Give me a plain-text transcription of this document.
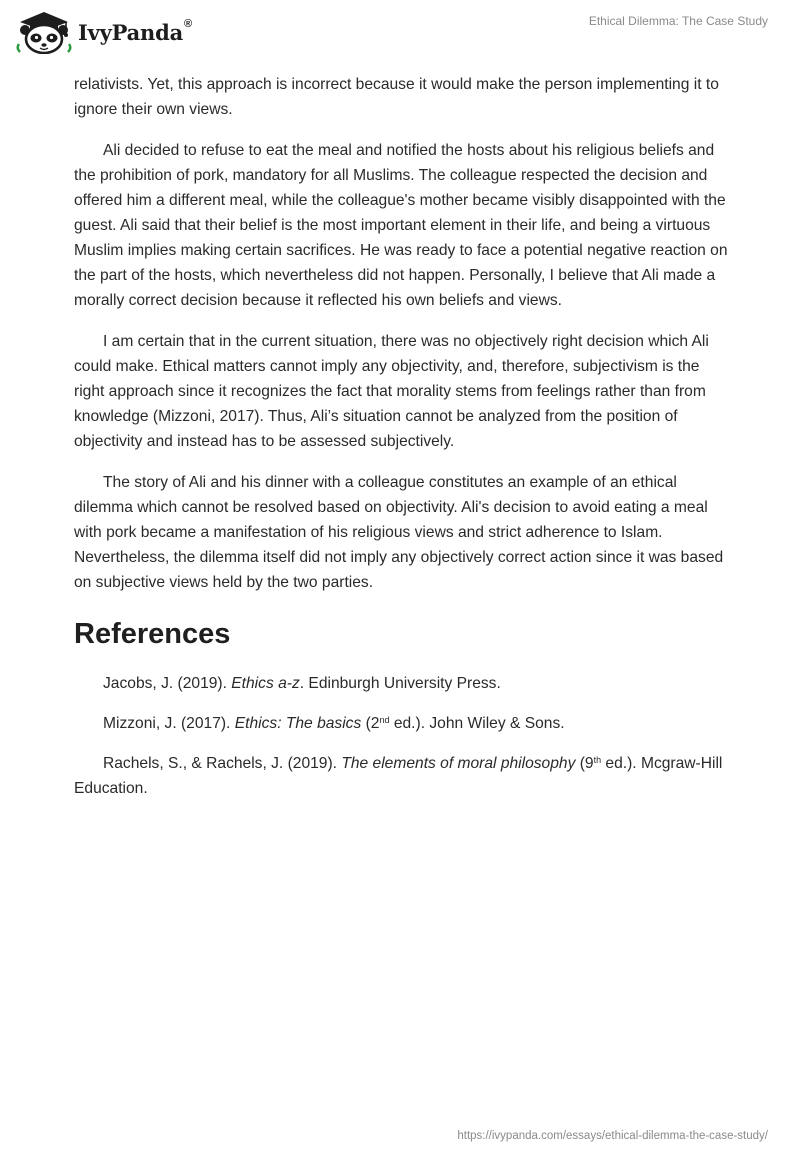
IvyPanda®	Ethical Dilemma: The Case Study

relativists. Yet, this approach is incorrect because it would make the person implementing it to ignore their own views.

Ali decided to refuse to eat the meal and notified the hosts about his religious beliefs and the prohibition of pork, mandatory for all Muslims. The colleague respected the decision and offered him a different meal, while the colleague's mother became visibly disappointed with the guest. Ali said that their belief is the most important element in their life, and being a virtuous Muslim implies making certain sacrifices. He was ready to face a potential negative reaction on the part of the hosts, which nevertheless did not happen. Personally, I believe that Ali made a morally correct decision because it reflected his own beliefs and views.

I am certain that in the current situation, there was no objectively right decision which Ali could make. Ethical matters cannot imply any objectivity, and, therefore, subjectivism is the right approach since it recognizes the fact that morality stems from feelings rather than from knowledge (Mizzoni, 2017). Thus, Ali’s situation cannot be analyzed from the position of objectivity and instead has to be assessed subjectively.

The story of Ali and his dinner with a colleague constitutes an example of an ethical dilemma which cannot be resolved based on objectivity. Ali's decision to avoid eating a meal with pork became a manifestation of his religious views and strict adherence to Islam. Nevertheless, the dilemma itself did not imply any objectively correct action since it was based on subjective views held by the two parties.

References

Jacobs, J. (2019). Ethics a-z. Edinburgh University Press.

Mizzoni, J. (2017). Ethics: The basics (2nd ed.). John Wiley & Sons.

Rachels, S., & Rachels, J. (2019). The elements of moral philosophy (9th ed.). Mcgraw-Hill Education.

https://ivypanda.com/essays/ethical-dilemma-the-case-study/
